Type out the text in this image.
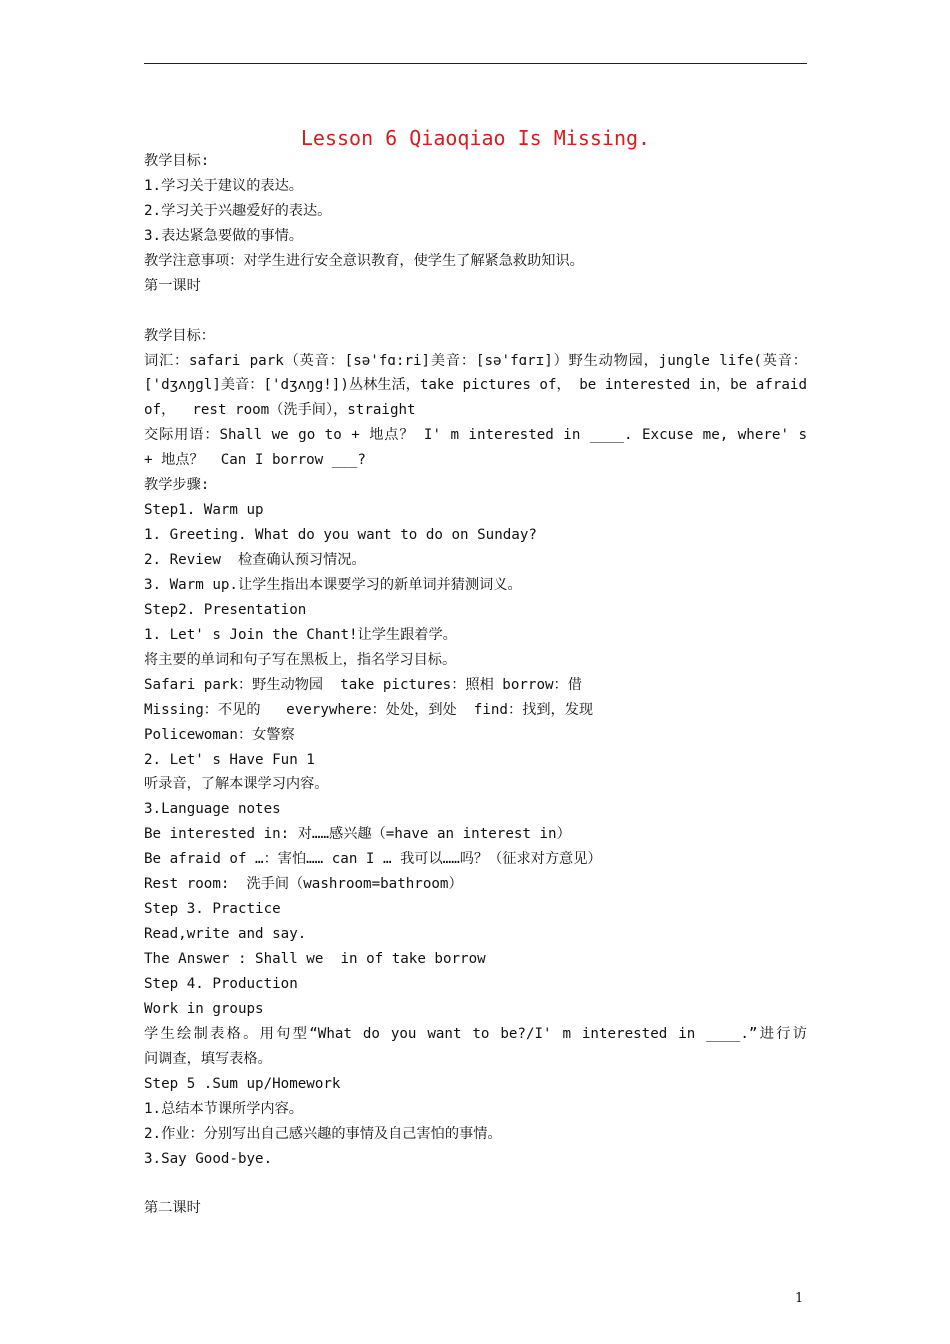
Lesson 6 Qiaoqiao Is Missing.
教学目标:
1.学习关于建议的表达。
2.学习关于兴趣爱好的表达。
3.表达紧急要做的事情。
教学注意事项：对学生进行安全意识教育，使学生了解紧急救助知识。
第一课时
教学目标：
词汇：safari park（英音：[sə'fɑ:ri]美音：[sə'fɑrɪ]）野生动物园，jungle life(英音：
['dʒʌŋgl]美音：['dʒʌŋg!])丛林生活，take pictures of， be interested in，be afraid
of，  rest room（洗手间），straight
交际用语：Shall we go to + 地点？ I' m interested in ____. Excuse me, where' s
+ 地点？  Can I borrow ___?
教学步骤:
Step1. Warm up
1. Greeting. What do you want to do on Sunday?
2. Review  检查确认预习情况。
3. Warm up.让学生指出本课要学习的新单词并猜测词义。
Step2. Presentation
1. Let' s Join the Chant!让学生跟着学。
将主要的单词和句子写在黑板上，指名学习目标。
Safari park：野生动物园  take pictures：照相 borrow：借
Missing：不见的   everywhere：处处，到处  find：找到，发现
Policewoman：女警察
2. Let' s Have Fun 1
听录音，了解本课学习内容。
3.Language notes
Be interested in: 对……感兴趣（=have an interest in）
Be afraid of …：害怕…… can I … 我可以……吗？（征求对方意见）
Rest room:  洗手间（washroom=bathroom）
Step 3. Practice
Read,write and say.
The Answer : Shall we  in of take borrow
Step 4. Production
Work in groups
学生绘制表格。用句型“What do you want to be?/I' m interested in ____.”进行访
问调查，填写表格。
Step 5 .Sum up/Homework
1.总结本节课所学内容。
2.作业：分别写出自己感兴趣的事情及自己害怕的事情。
3.Say Good-bye.
第二课时
1
